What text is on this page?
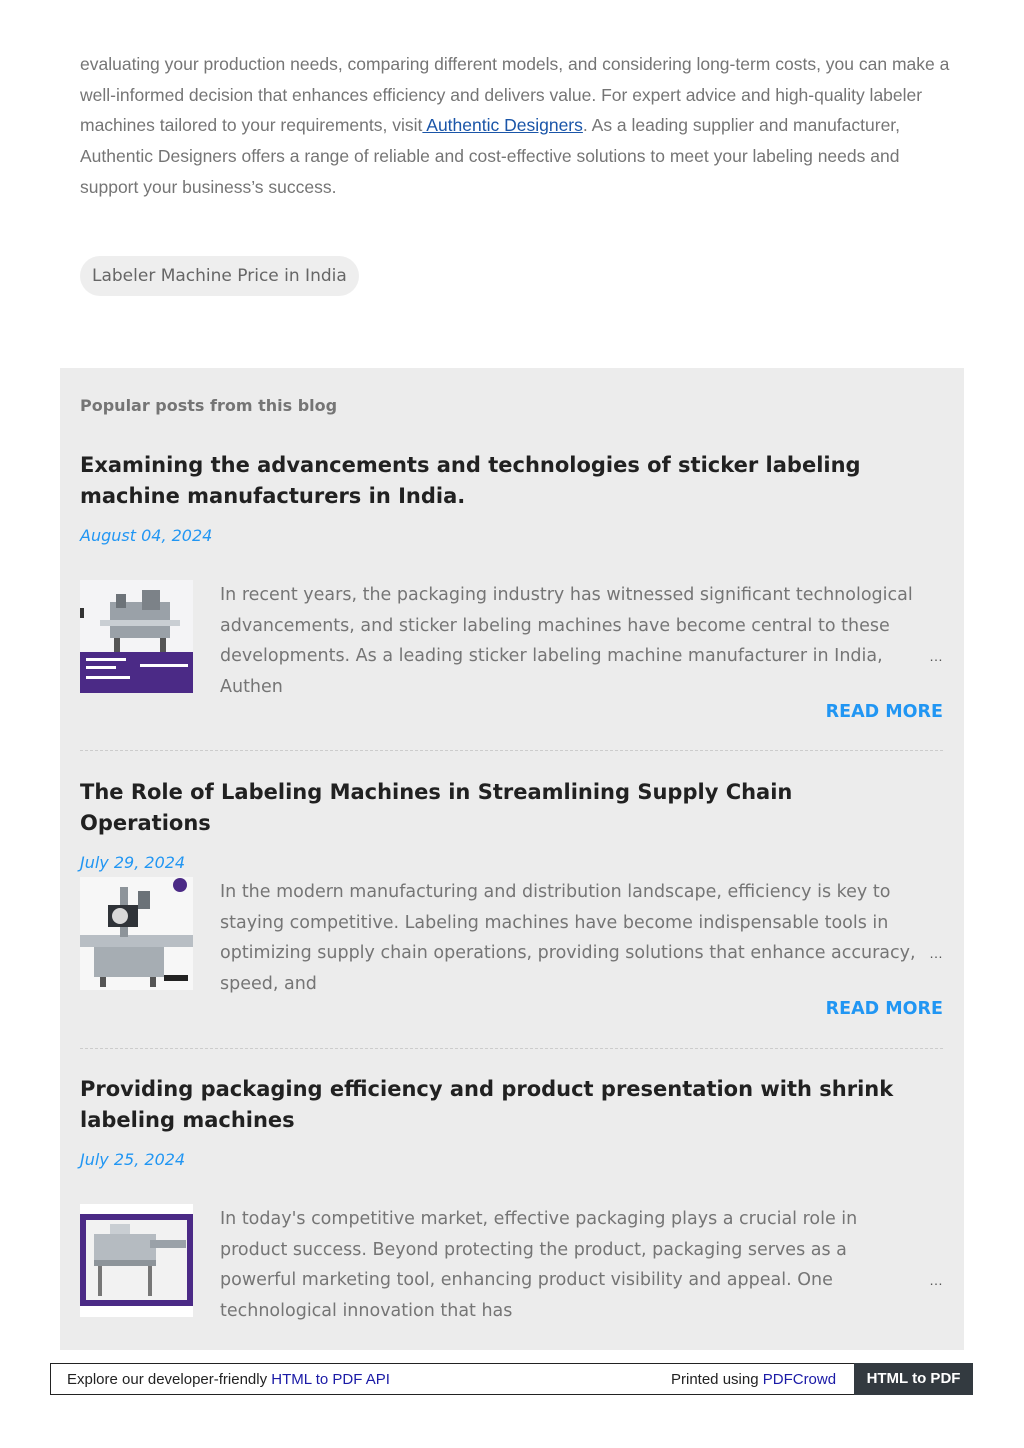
evaluating your production needs, comparing different models, and considering long-term costs, you can make a well-informed decision that enhances efficiency and delivers value. For expert advice and high-quality labeler machines tailored to your requirements, visit Authentic Designers. As a leading supplier and manufacturer, Authentic Designers offers a range of reliable and cost-effective solutions to meet your labeling needs and support your business’s success.
Labeler Machine Price in India
Popular posts from this blog
Examining the advancements and technologies of sticker labeling machine manufacturers in India.
August 04, 2024
In recent years, the packaging industry has witnessed significant technological advancements, and sticker labeling machines have become central to these developments. As a leading sticker labeling machine manufacturer in India, Authen
…
READ MORE
The Role of Labeling Machines in Streamlining Supply Chain Operations
July 29, 2024
In the modern manufacturing and distribution landscape, efficiency is key to staying competitive. Labeling machines have become indispensable tools in optimizing supply chain operations, providing solutions that enhance accuracy, speed, and
…
READ MORE
Providing packaging efficiency and product presentation with shrink labeling machines
July 25, 2024
In today's competitive market, effective packaging plays a crucial role in product success. Beyond protecting the product, packaging serves as a powerful marketing tool, enhancing product visibility and appeal. One technological innovation that has
…
Explore our developer-friendly HTML to PDF API	Printed using PDFCrowd	HTML to PDF
